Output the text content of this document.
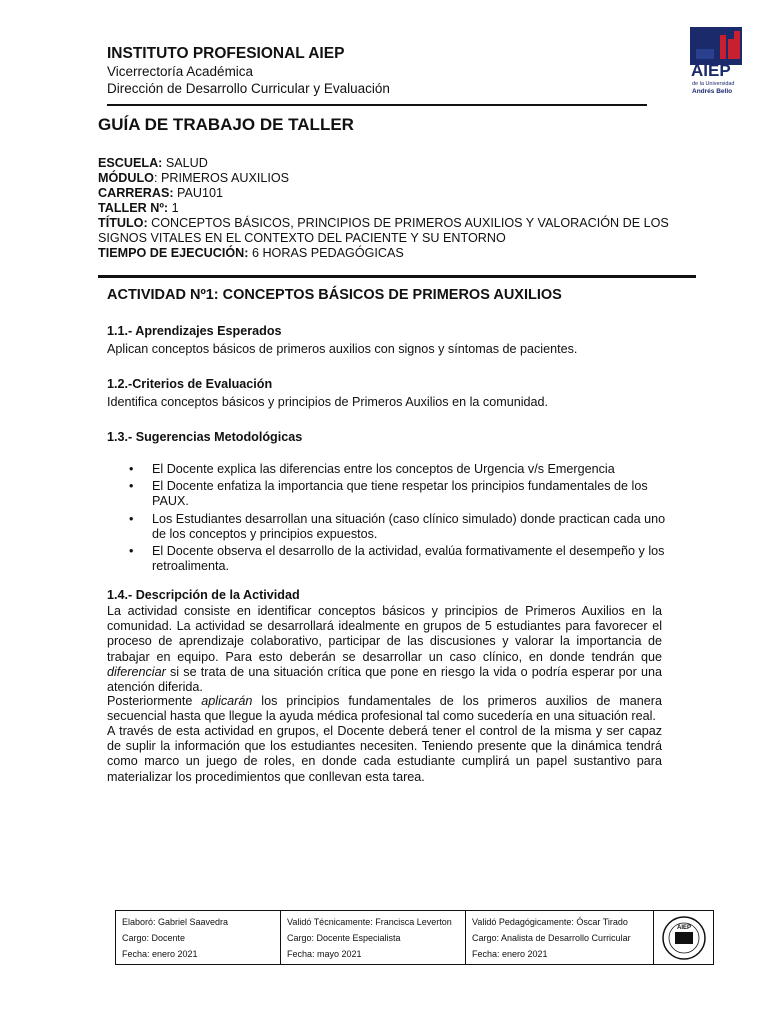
INSTITUTO PROFESIONAL AIEP
Vicerrectoría Académica
Dirección de Desarrollo Curricular y Evaluación
AIEP
de la Universidad
Andrés Bello
GUÍA DE TRABAJO DE TALLER
ESCUELA: SALUD
MÓDULO: PRIMEROS AUXILIOS
CARRERAS: PAU101
TALLER Nº: 1
TÍTULO: CONCEPTOS BÁSICOS, PRINCIPIOS DE PRIMEROS AUXILIOS Y VALORACIÓN DE LOS
SIGNOS VITALES EN EL CONTEXTO DEL PACIENTE Y SU ENTORNO
TIEMPO DE EJECUCIÓN: 6 HORAS PEDAGÓGICAS
ACTIVIDAD Nº1: CONCEPTOS BÁSICOS DE PRIMEROS AUXILIOS
1.1.- Aprendizajes Esperados
Aplican conceptos básicos de primeros auxilios con signos y síntomas de pacientes.
1.2.-Criterios de Evaluación
Identifica conceptos básicos y principios de Primeros Auxilios en la comunidad.
1.3.- Sugerencias Metodológicas
• El Docente explica las diferencias entre los conceptos de Urgencia v/s Emergencia
• El Docente enfatiza la importancia que tiene respetar los principios fundamentales de los PAUX.
• Los Estudiantes desarrollan una situación (caso clínico simulado) donde practican cada uno de los conceptos y principios expuestos.
• El Docente observa el desarrollo de la actividad, evalúa formativamente el desempeño y los retroalimenta.
1.4.- Descripción de la Actividad
La actividad consiste en identificar conceptos básicos y principios de Primeros Auxilios en la comunidad. La actividad se desarrollará idealmente en grupos de 5 estudiantes para favorecer el proceso de aprendizaje colaborativo, participar de las discusiones y valorar la importancia de trabajar en equipo. Para esto deberán se desarrollar un caso clínico, en donde tendrán que diferenciar si se trata de una situación crítica que pone en riesgo la vida o podría esperar por una atención diferida.
Posteriormente aplicarán los principios fundamentales de los primeros auxilios de manera secuencial hasta que llegue la ayuda médica profesional tal como sucedería en una situación real.
A través de esta actividad en grupos, el Docente deberá tener el control de la misma y ser capaz de suplir la información que los estudiantes necesiten. Teniendo presente que la dinámica tendrá como marco un juego de roles, en donde cada estudiante cumplirá un papel sustantivo para materializar los procedimientos que conllevan esta tarea.
Elaboró: Gabriel Saavedra
Cargo: Docente
Fecha: enero 2021
Validó Técnicamente: Francisca Leverton
Cargo: Docente Especialista
Fecha: mayo 2021
Validó Pedagógicamente: Óscar Tirado
Cargo: Analista de Desarrollo Curricular
Fecha: enero 2021
AIEP
